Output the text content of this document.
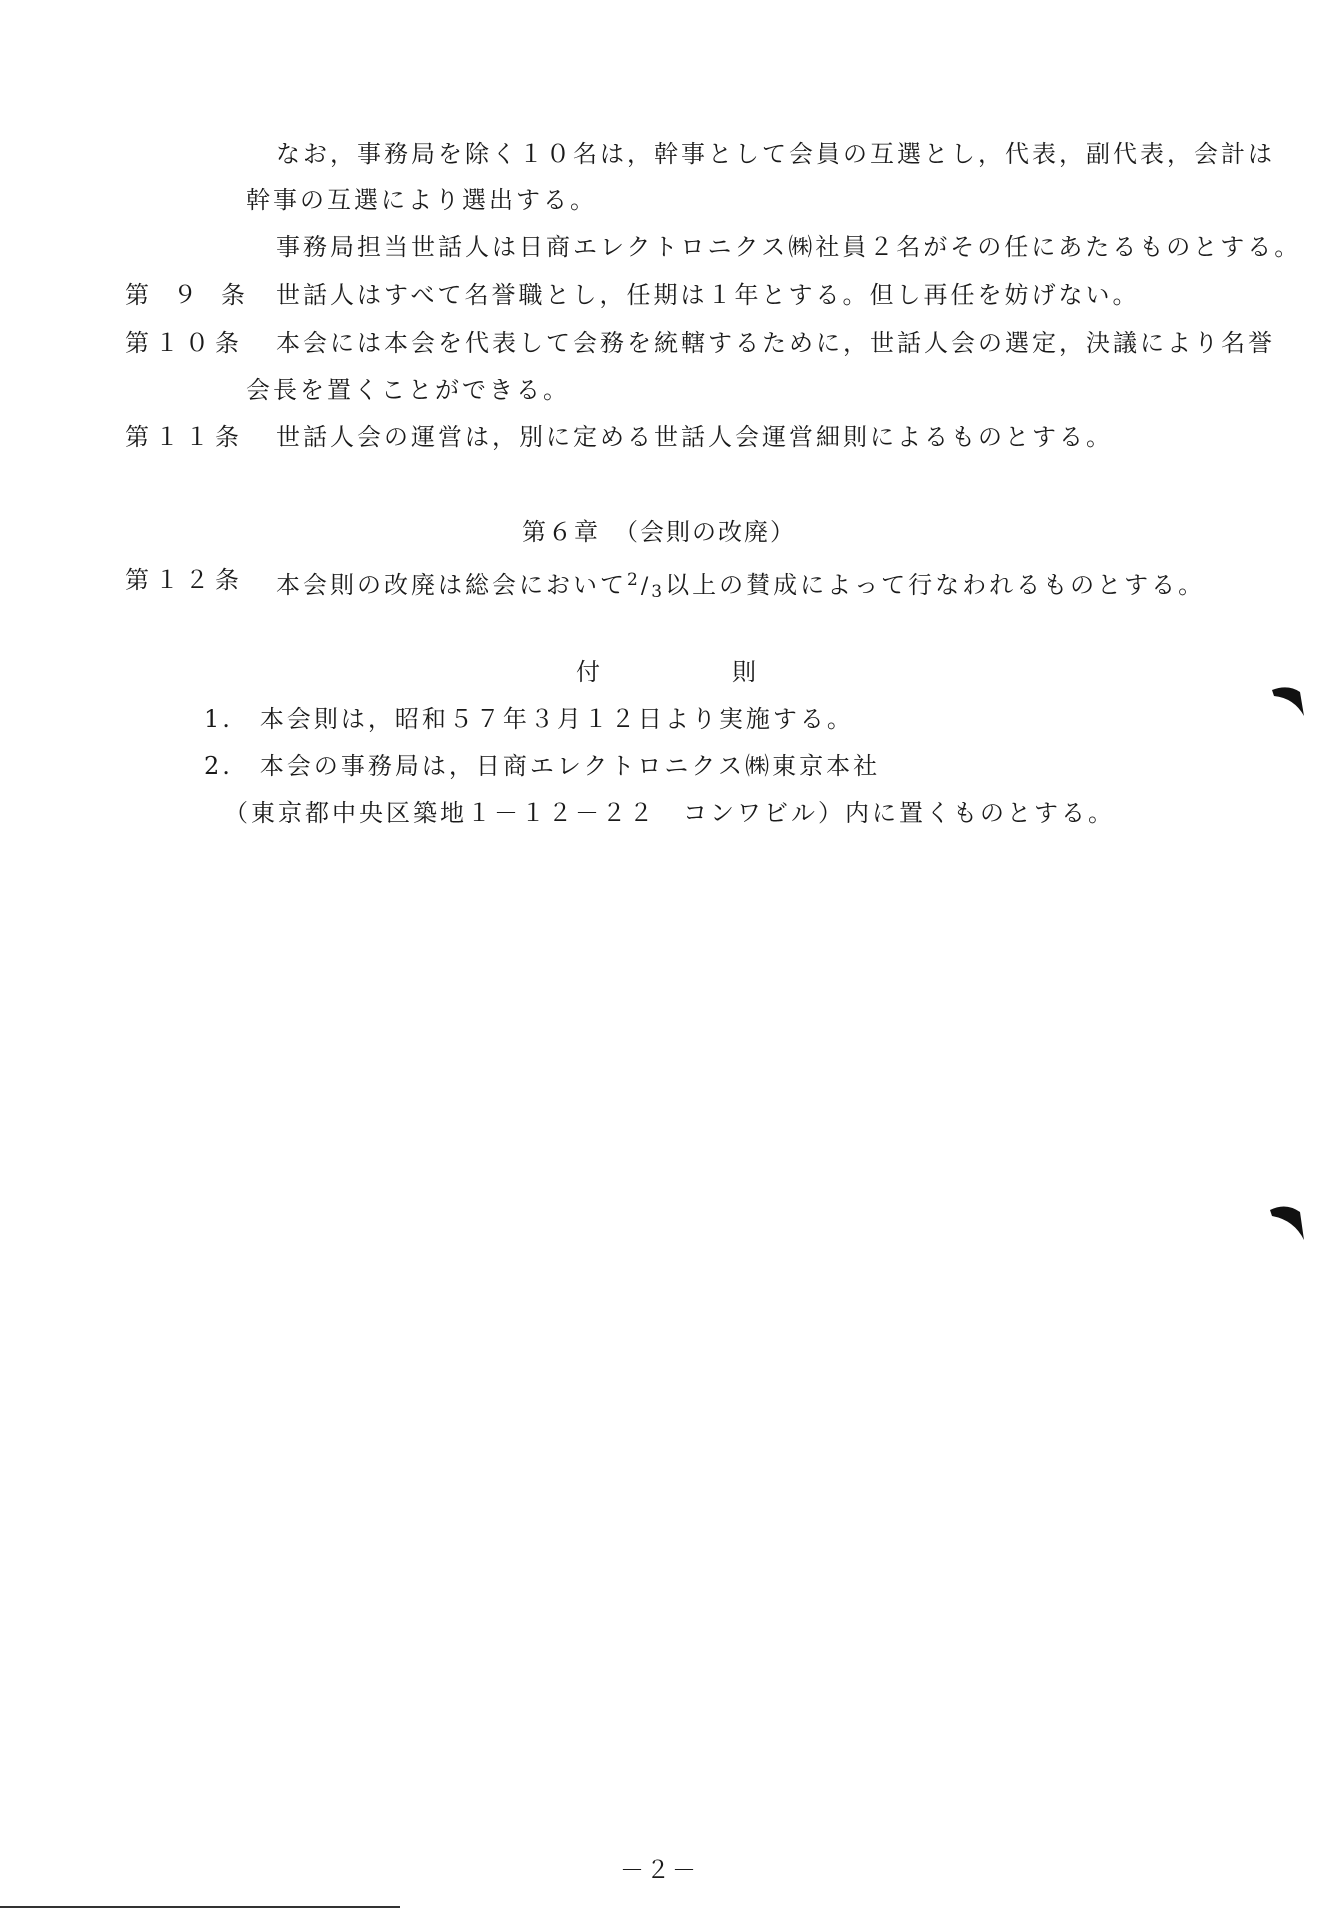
なお，事務局を除く１０名は，幹事として会員の互選とし，代表，副代表，会計は
幹事の互選により選出する。
事務局担当世話人は日商エレクトロニクス㈱社員２名がその任にあたるものとする。
第　９　条 世話人はすべて名誉職とし，任期は１年とする。但し再任を妨げない。
第１０条 本会には本会を代表して会務を統轄するために，世話人会の選定，決議により名誉
会長を置くことができる。
第１１条 世話人会の運営は，別に定める世話人会運営細則によるものとする。
第６章　（会則の改廃）
第１２条 本会則の改廃は総会において$^2/_3$以上の賛成によって行なわれるものとする。
付　　　　　則
1.　本会則は，昭和５７年３月１２日より実施する。
2.　本会の事務局は，日商エレクトロニクス㈱東京本社
（東京都中央区築地１－１２－２２　コンワビル）内に置くものとする。
－２－
